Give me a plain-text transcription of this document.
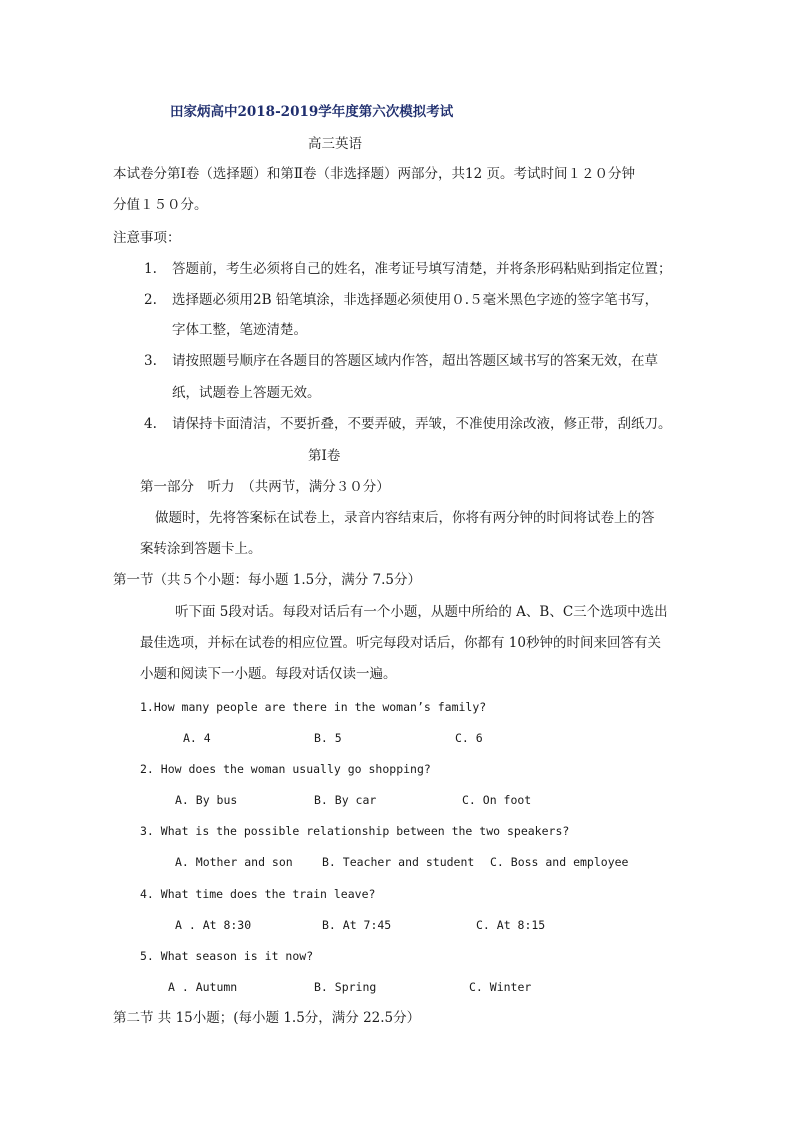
田家炳高中2018-2019学年度第六次模拟考试
高三英语
本试卷分第Ⅰ卷（选择题）和第Ⅱ卷（非选择题）两部分，共12 页。考试时间１２０分钟
分值１５０分。
注意事项：
1. 答题前，考生必须将自己的姓名，准考证号填写清楚，并将条形码粘贴到指定位置；
2. 选择题必须用2B 铅笔填涂，非选择题必须使用０.５毫米黑色字迹的签字笔书写，
字体工整，笔迹清楚。
3. 请按照题号顺序在各题目的答题区域内作答，超出答题区域书写的答案无效，在草
纸，试题卷上答题无效。
4. 请保持卡面清洁，不要折叠，不要弄破，弄皱，不准使用涂改液，修正带，刮纸刀。
第Ⅰ卷
第一部分　听力　（共两节，满分３０分）
做题时，先将答案标在试卷上，录音内容结束后，你将有两分钟的时间将试卷上的答
案转涂到答题卡上。
第一节（共５个小题：每小题 1.5分，满分 7.5分）
听下面 5段对话。每段对话后有一个小题，从题中所给的 A、B、C三个选项中选出
最佳选项，并标在试卷的相应位置。听完每段对话后，你都有 10秒钟的时间来回答有关
小题和阅读下一小题。每段对话仅读一遍。
1.How many people are there in the woman’s family?
A. 4	B. 5	C. 6
2. How does the woman usually go shopping?
A. By bus	B. By car	C. On foot
3. What is the possible relationship between the two speakers?
A. Mother and son	B. Teacher and student C. Boss and employee
4. What time does the train leave?
A . At 8:30	B. At 7:45	C. At 8:15
5. What season is it now?
A . Autumn	B. Spring	C. Winter
第二节 共 15小题；(每小题 1.5分，满分 22.5分）
